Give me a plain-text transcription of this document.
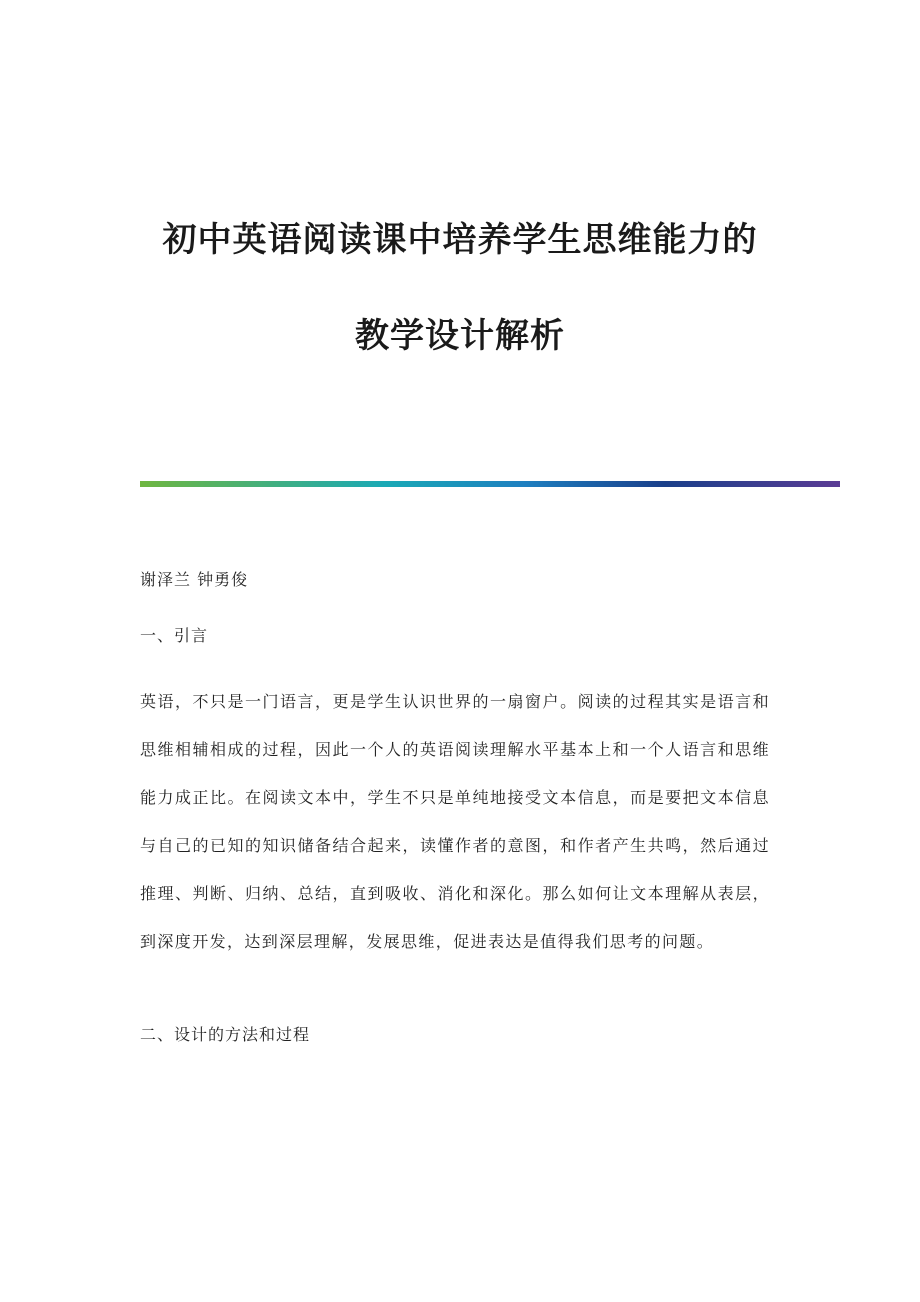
初中英语阅读课中培养学生思维能力的
教学设计解析

谢泽兰 钟勇俊

一、引言

英语，不只是一门语言，更是学生认识世界的一扇窗户。阅读的过程其实是语言和思维相辅相成的过程，因此一个人的英语阅读理解水平基本上和一个人语言和思维能力成正比。在阅读文本中，学生不只是单纯地接受文本信息，而是要把文本信息与自己的已知的知识储备结合起来，读懂作者的意图，和作者产生共鸣，然后通过推理、判断、归纳、总结，直到吸收、消化和深化。那么如何让文本理解从表层，到深度开发，达到深层理解，发展思维，促进表达是值得我们思考的问题。

二、设计的方法和过程
